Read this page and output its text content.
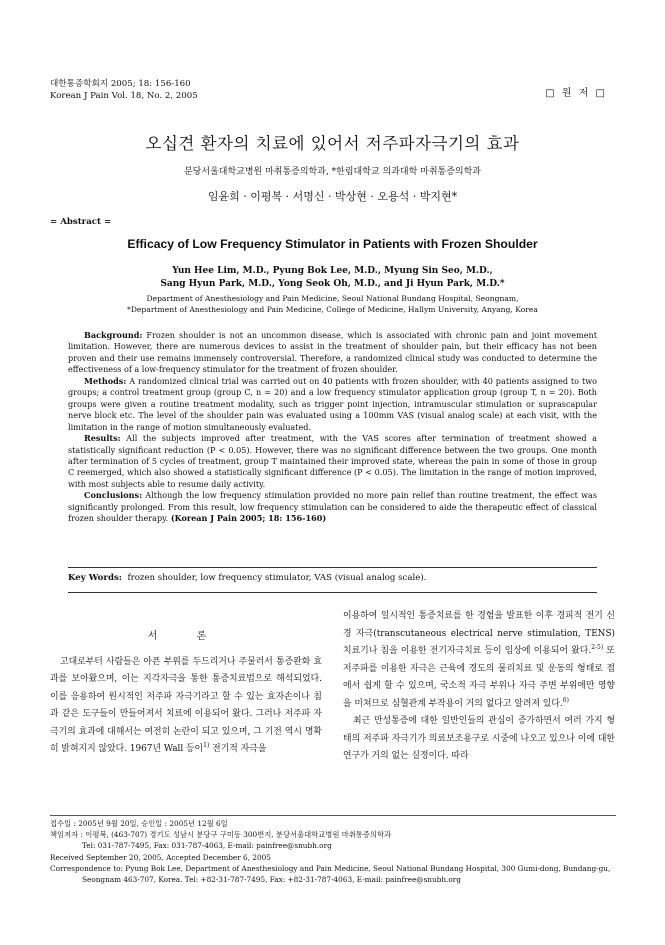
대한통증학회지 2005; 18: 156-160
Korean J Pain Vol. 18, No. 2, 2005	□ 원 저 □
오십견 환자의 치료에 있어서 저주파자극기의 효과
분당서울대학교병원 마취통증의학과, *한림대학교 의과대학 마취통증의학과
임윤희 · 이평복 · 서명신 · 박상현 · 오용석 · 박지현*
= Abstract =
Efficacy of Low Frequency Stimulator in Patients with Frozen Shoulder
Yun Hee Lim, M.D., Pyung Bok Lee, M.D., Myung Sin Seo, M.D.,
Sang Hyun Park, M.D., Yong Seok Oh, M.D., and Ji Hyun Park, M.D.*
Department of Anesthesiology and Pain Medicine, Seoul National Bundang Hospital, Seongnam,
*Department of Anesthesiology and Pain Medicine, College of Medicine, Hallym University, Anyang, Korea

Background: Frozen shoulder is not an uncommon disease, which is associated with chronic pain and joint movement limitation. However, there are numerous devices to assist in the treatment of shoulder pain, but their efficacy has not been proven and their use remains immensely controversial. Therefore, a randomized clinical study was conducted to determine the effectiveness of a low-frequency stimulator for the treatment of frozen shoulder.

Methods: A randomized clinical trial was carried out on 40 patients with frozen shoulder, with 40 patients assigned to two groups; a control treatment group (group C, n = 20) and a low frequency stimulator application group (group T, n = 20). Both groups were given a routine treatment modality, such as trigger point injection, intramuscular stimulation or suprascapular nerve block etc. The level of the shoulder pain was evaluated using a 100mm VAS (visual analog scale) at each visit, with the limitation in the range of motion simultaneously evaluated.

Results: All the subjects improved after treatment, with the VAS scores after termination of treatment showed a statistically significant reduction (P < 0.05). However, there was no significant difference between the two groups. One month after termination of 5 cycles of treatment, group T maintained their improved state, whereas the pain in some of those in group C reemerged, which also showed a statistically significant difference (P < 0.05). The limitation in the range of motion improved, with most subjects able to resume daily activity.

Conclusions: Although the low frequency stimulation provided no more pain relief than routine treatment, the effect was significantly prolonged. From this result, low frequency stimulation can be considered to aide the therapeutic effect of classical frozen shoulder therapy. (Korean J Pain 2005; 18: 156-160)

Key Words: frozen shoulder, low frequency stimulator, VAS (visual analog scale).
서 론

고대로부터 사람들은 아픈 부위를 두드리거나 주물러서 통증완화 효과를 보아왔으며, 이는 지각자극을 통한 통증치료법으로 해석되었다. 이를 응용하여 원시적인 저주파 자극기라고 할 수 있는 효자손이나 침과 같은 도구들이 만들어져서 치료에 이용되어 왔다. 그러나 저주파 자극기의 효과에 대해서는 여전히 논란이 되고 있으며, 그 기전 역시 명확히 밝혀지지 않았다. 1967년 Wall 등이$^{1)}$ 전기적 자극을

이용하여 일시적인 통증치료를 한 경험을 발표한 이후 경피적 전기 신경 자극(transcutaneous electrical nerve stimulation, TENS) 치료기나 침을 이용한 전기자극치료 등이 임상에 이용되어 왔다.$^{2-5)}$ 또 저주파를 이용한 자극은 근육에 경도의 물리치료 및 운동의 형태로 접에서 쉽게 할 수 있으며, 국소적 자극 부위나 자극 주변 부위에만 영향을 미쳐므로 심혈관계 부작용이 거의 없다고 알려져 있다.$^{6)}$

최근 만성통증에 대한 일반인들의 관심이 증가하면서 여러 가지 형태의 저주파 자극기가 의료보조용구로 시중에 나오고 있으나 이에 대한 연구가 거의 없는 실정이다. 따라

접수일 : 2005년 9월 20일, 승인일 : 2005년 12월 6일
책임저자 : 이평복, (463-707) 경기도 성남시 분당구 구미동 300번지, 분당서울대학교병원 마취통증의학과
Tel: 031-787-7495, Fax: 031-787-4063, E-mail: painfree@snubh.org
Received September 20, 2005, Accepted December 6, 2005
Correspondence to: Pyung Bok Lee, Department of Anesthesiology and Pain Medicine, Seoul National Bundang Hospital, 300 Gumi-dong, Bundang-gu,
Seongnam 463-707, Korea. Tel: +82-31-787-7495, Fax: +82-31-787-4063, E-mail: painfree@snubh.org
